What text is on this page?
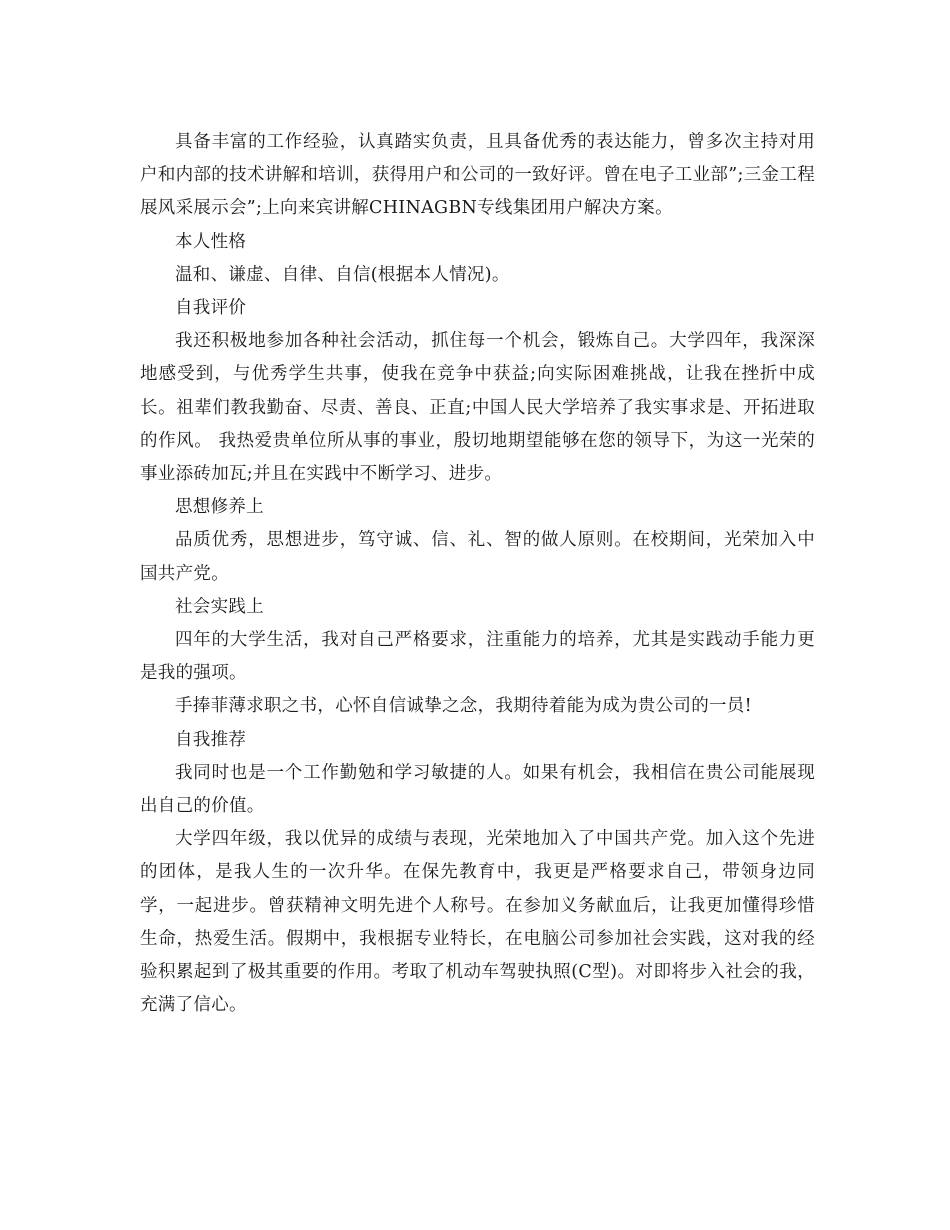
具备丰富的工作经验，认真踏实负责，且具备优秀的表达能力，曾多次主持对用户和内部的技术讲解和培训，获得用户和公司的一致好评。曾在电子工业部”;三金工程展风采展示会”;上向来宾讲解CHINAGBN专线集团用户解决方案。

本人性格

温和、谦虚、自律、自信(根据本人情况)。

自我评价

我还积极地参加各种社会活动，抓住每一个机会，锻炼自己。大学四年，我深深地感受到，与优秀学生共事，使我在竞争中获益;向实际困难挑战，让我在挫折中成长。祖辈们教我勤奋、尽责、善良、正直;中国人民大学培养了我实事求是、开拓进取的作风。 我热爱贵单位所从事的事业，殷切地期望能够在您的领导下，为这一光荣的事业添砖加瓦;并且在实践中不断学习、进步。

思想修养上

品质优秀，思想进步，笃守诚、信、礼、智的做人原则。在校期间，光荣加入中国共产党。

社会实践上

四年的大学生活，我对自己严格要求，注重能力的培养，尤其是实践动手能力更是我的强项。

手捧菲薄求职之书，心怀自信诚挚之念，我期待着能为成为贵公司的一员!

自我推荐

我同时也是一个工作勤勉和学习敏捷的人。如果有机会，我相信在贵公司能展现出自己的价值。

大学四年级，我以优异的成绩与表现，光荣地加入了中国共产党。加入这个先进的团体，是我人生的一次升华。在保先教育中，我更是严格要求自己，带领身边同学，一起进步。曾获精神文明先进个人称号。在参加义务献血后，让我更加懂得珍惜生命，热爱生活。假期中，我根据专业特长，在电脑公司参加社会实践，这对我的经验积累起到了极其重要的作用。考取了机动车驾驶执照(C型)。对即将步入社会的我，充满了信心。
